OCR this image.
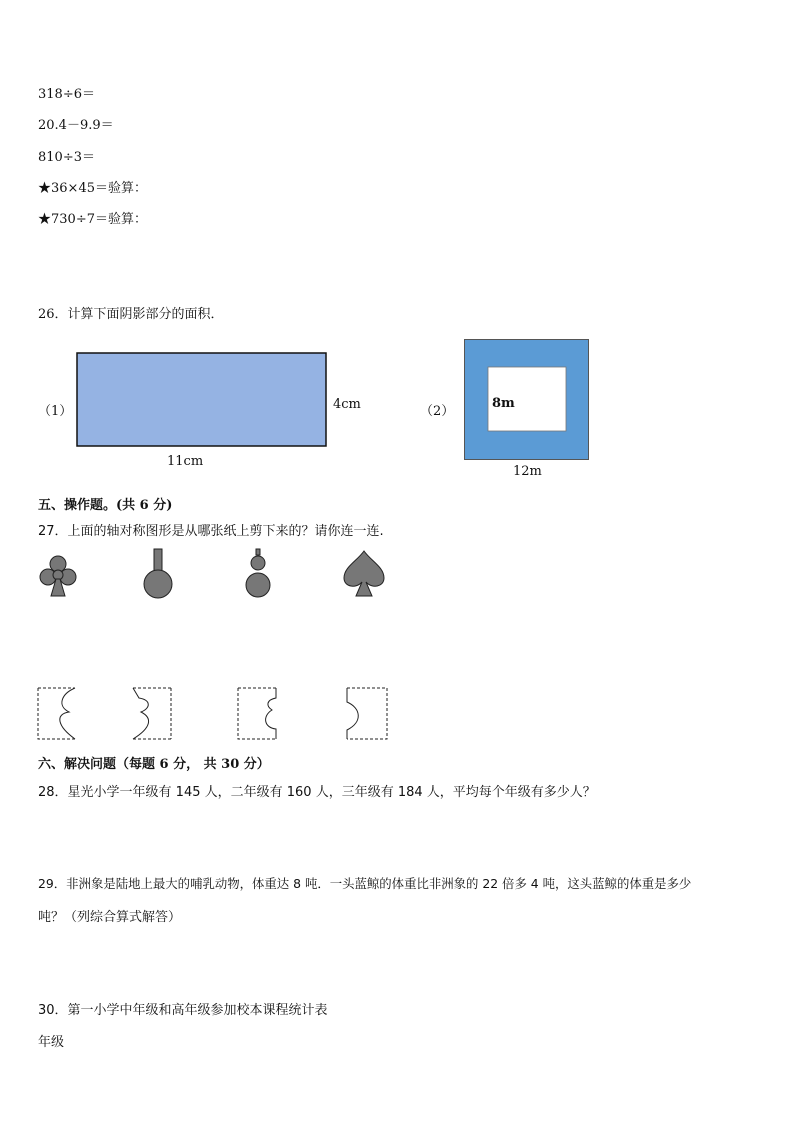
318÷6＝
20.4－9.9＝
810÷3＝
★36×45＝验算：
★730÷7＝验算：
26．计算下面阴影部分的面积．
（1）	4cm
11cm
（2）
8m
12m
五、操作题。(共 6 分)
27．上面的轴对称图形是从哪张纸上剪下来的？请你连一连.
六、解决问题（每题 6 分， 共 30 分）
28．星光小学一年级有 145 人，二年级有 160 人，三年级有 184 人，平均每个年级有多少人？
29．非洲象是陆地上最大的哺乳动物，体重达 8 吨．一头蓝鲸的体重比非洲象的 22 倍多 4 吨，这头蓝鲸的体重是多少
吨？（列综合算式解答）
30．第一小学中年级和高年级参加校本课程统计表
年级
